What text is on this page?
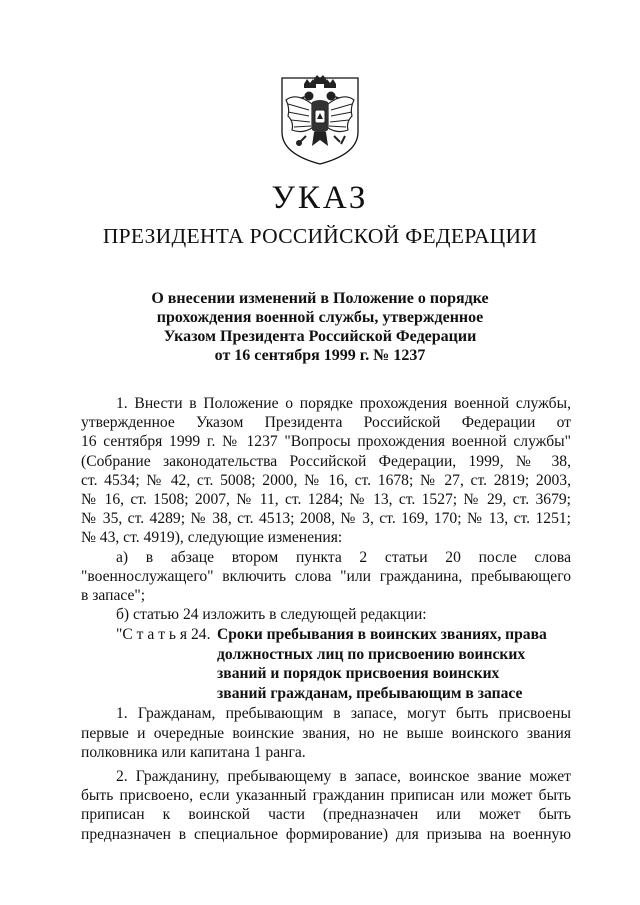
УКАЗ
ПРЕЗИДЕНТА РОССИЙСКОЙ ФЕДЕРАЦИИ
О внесении изменений в Положение о порядке
прохождения военной службы, утвержденное
Указом Президента Российской Федерации
от 16 сентября 1999 г. № 1237
1. Внести в Положение о порядке прохождения военной службы,
утвержденное Указом Президента Российской Федерации от
16 сентября 1999 г. № 1237 "Вопросы прохождения военной службы"
(Собрание законодательства Российской Федерации, 1999, № 38,
ст. 4534; № 42, ст. 5008; 2000, № 16, ст. 1678; № 27, ст. 2819; 2003,
№ 16, ст. 1508; 2007, № 11, ст. 1284; № 13, ст. 1527; № 29, ст. 3679;
№ 35, ст. 4289; № 38, ст. 4513; 2008, № 3, ст. 169, 170; № 13, ст. 1251;
№ 43, ст. 4919), следующие изменения:
а) в абзаце втором пункта 2 статьи 20 после слова
"военнослужащего" включить слова "или гражданина, пребывающего
в запасе";
б) статью 24 изложить в следующей редакции:
"С т а т ь я 24. Сроки пребывания в воинских званиях, права
должностных лиц по присвоению воинских
званий и порядок присвоения воинских
званий гражданам, пребывающим в запасе
1. Гражданам, пребывающим в запасе, могут быть присвоены
первые и очередные воинские звания, но не выше воинского звания
полковника или капитана 1 ранга.
2. Гражданину, пребывающему в запасе, воинское звание может
быть присвоено, если указанный гражданин приписан или может быть
приписан к воинской части (предназначен или может быть
предназначен в специальное формирование) для призыва на военную
